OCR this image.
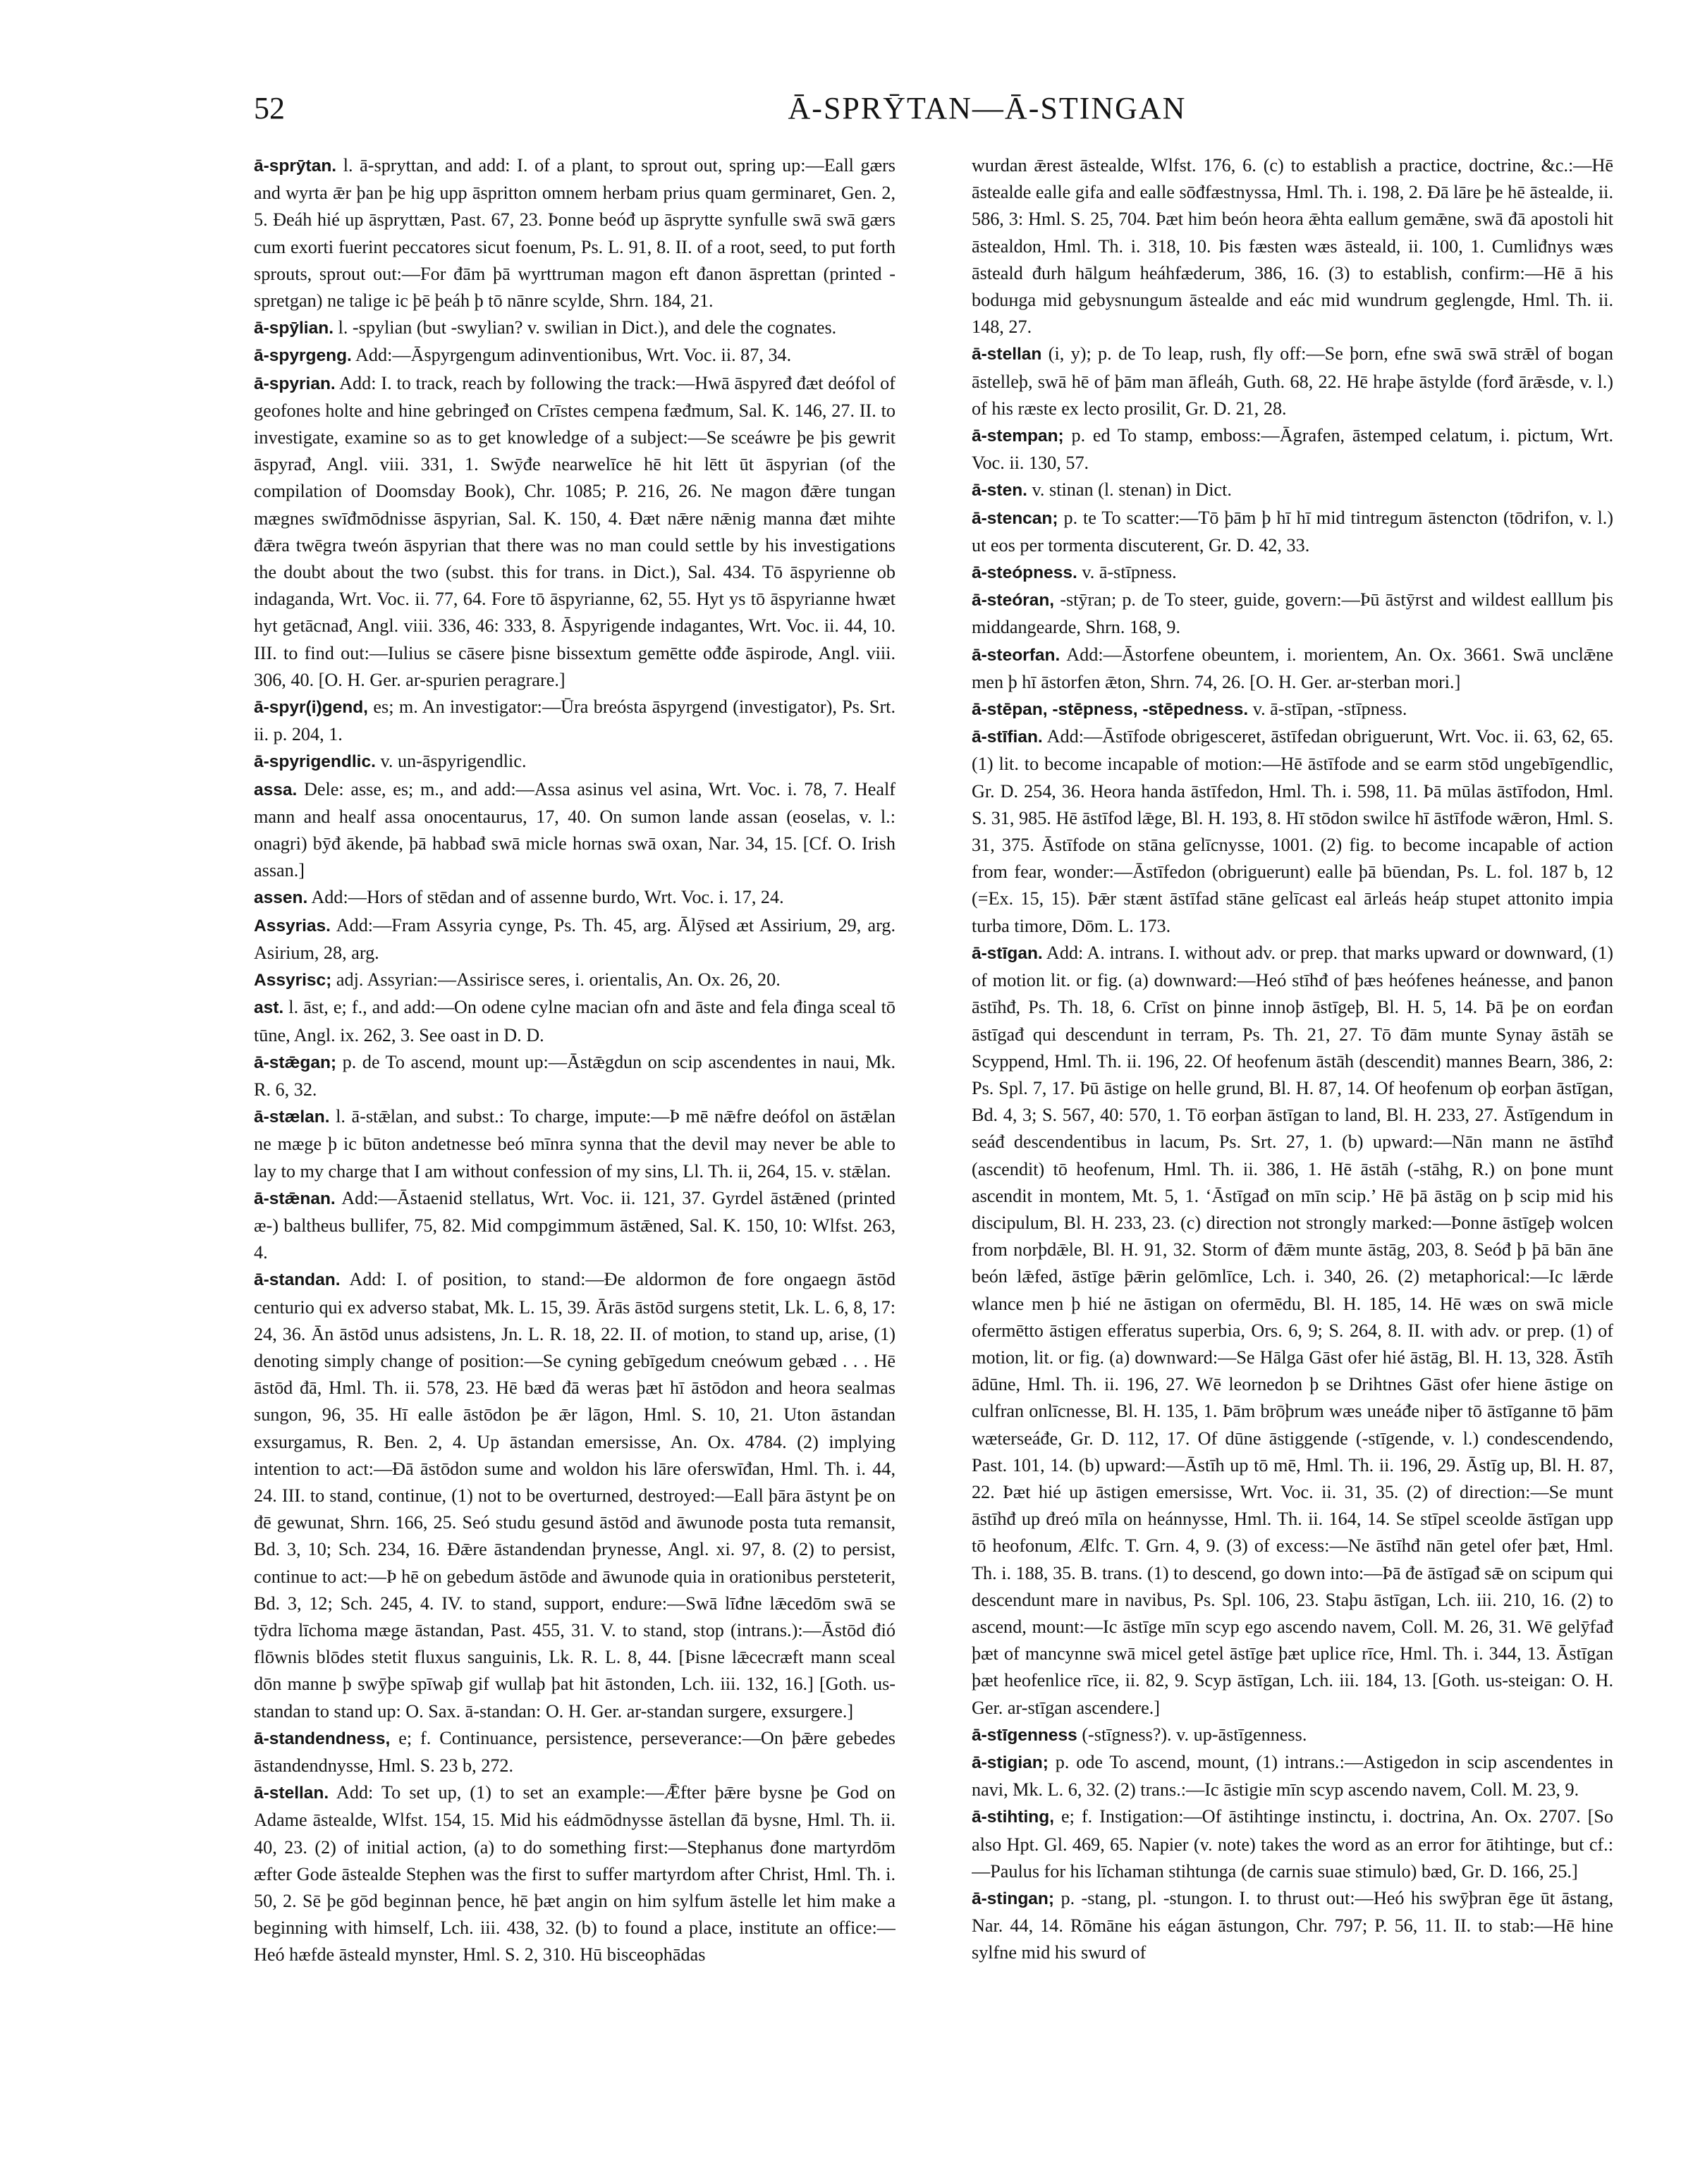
52	Ā-SPRȲTAN—Ā-STINGAN

ā-sprȳtan. l. ā-spryttan, and add: I. of a plant, to sprout out, spring up:—Eall gærs and wyrta ǣr þan þe hig upp āspritton omnem herbam prius quam germinaret, Gen. 2, 5. Ðeáh hié up āspryttæn, Past. 67, 23. Þonne beóđ up āsprytte synfulle swā swā gærs cum exorti fuerint peccatores sicut foenum, Ps. L. 91, 8. II. of a root, seed, to put forth sprouts, sprout out:—For đām þā wyrttruman magon eft đanon āsprettan (printed -spretgan) ne talige ic þē þeáh þ tō nānre scylde, Shrn. 184, 21.

ā-spȳlian. l. -spylian (but -swylian? v. swilian in Dict.), and dele the cognates.

ā-spyrgeng. Add:—Āspyrgengum adinventionibus, Wrt. Voc. ii. 87, 34.

ā-spyrian. Add: I. to track, reach by following the track:—Hwā āspyređ đæt deófol of geofones holte and hine gebringeđ on Crīstes cempena fæđmum, Sal. K. 146, 27. II. to investigate, examine so as to get knowledge of a subject:—Se sceáwre þe þis gewrit āspyrađ, Angl. viii. 331, 1. Swȳđe nearwelīce hē hit lētt ūt āspyrian (of the compilation of Doomsday Book), Chr. 1085; P. 216, 26. Ne magon đǣre tungan mægnes swīđmōdnisse āspyrian, Sal. K. 150, 4. Đæt nǣre nǣnig manna đæt mihte đǣra twēgra tweón āspyrian that there was no man could settle by his investigations the doubt about the two (subst. this for trans. in Dict.), Sal. 434. Tō āspyrienne ob indaganda, Wrt. Voc. ii. 77, 64. Fore tō āspyrianne, 62, 55. Hyt ys tō āspyrianne hwæt hyt getācnađ, Angl. viii. 336, 46: 333, 8. Āspyrigende indagantes, Wrt. Voc. ii. 44, 10. III. to find out:—Iulius se cāsere þisne bissextum gemētte ođđe āspirode, Angl. viii. 306, 40. [O. H. Ger. ar-spurien peragrare.]

ā-spyr(i)gend, es; m. An investigator:—Ūra breósta āspyrgend (investigator), Ps. Srt. ii. p. 204, 1.

ā-spyrigendlic. v. un-āspyrigendlic.

assa. Dele: asse, es; m., and add:—Assa asinus vel asina, Wrt. Voc. i. 78, 7. Healf mann and healf assa onocentaurus, 17, 40. On sumon lande assan (eoselas, v. l.: onagri) bȳđ ākende, þā habbađ swā micle hornas swā oxan, Nar. 34, 15. [Cf. O. Irish assan.]

assen. Add:—Hors of stēdan and of assenne burdo, Wrt. Voc. i. 17, 24.

Assyrias. Add:—Fram Assyria cynge, Ps. Th. 45, arg. Ālȳsed æt Assirium, 29, arg. Asirium, 28, arg.

Assyrisc; adj. Assyrian:—Assirisce seres, i. orientalis, An. Ox. 26, 20.

ast. l. āst, e; f., and add:—On odene cylne macian ofn and āste and fela đinga sceal tō tūne, Angl. ix. 262, 3. See oast in D. D.

ā-stǣgan; p. de To ascend, mount up:—Āstǣgdun on scip ascendentes in naui, Mk. R. 6, 32.

ā-stælan. l. ā-stǣlan, and subst.: To charge, impute:—Þ mē nǣfre deófol on āstǣlan ne mæge þ ic būton andetnesse beó mīnra synna that the devil may never be able to lay to my charge that I am without confession of my sins, Ll. Th. ii, 264, 15. v. stǣlan.

ā-stǣnan. Add:—Āstaenid stellatus, Wrt. Voc. ii. 121, 37. Gyrdel āstǣned (printed æ-) baltheus bullifer, 75, 82. Mid compgimmum āstǣned, Sal. K. 150, 10: Wlfst. 263, 4.

ā-standan. Add: I. of position, to stand:—Đe aldormon đe fore ongaegn āstōd centurio qui ex adverso stabat, Mk. L. 15, 39. Ārās āstōd surgens stetit, Lk. L. 6, 8, 17: 24, 36. Ān āstōd unus adsistens, Jn. L. R. 18, 22. II. of motion, to stand up, arise, (1) denoting simply change of position:—Se cyning gebīgedum cneówum gebæd . . . Hē āstōd đā, Hml. Th. ii. 578, 23. Hē bæd đā weras þæt hī āstōdon and heora sealmas sungon, 96, 35. Hī ealle āstōdon þe ǣr lāgon, Hml. S. 10, 21. Uton āstandan exsurgamus, R. Ben. 2, 4. Up āstandan emersisse, An. Ox. 4784. (2) implying intention to act:—Đā āstōdon sume and woldon his lāre oferswīđan, Hml. Th. i. 44, 24. III. to stand, continue, (1) not to be overturned, destroyed:—Eall þāra āstynt þe on đē gewunat, Shrn. 166, 25. Seó studu gesund āstōd and āwunode posta tuta remansit, Bd. 3, 10; Sch. 234, 16. Đǣre āstandendan þrynesse, Angl. xi. 97, 8. (2) to persist, continue to act:—Þ hē on gebedum āstōde and āwunode quia in orationibus persteterit, Bd. 3, 12; Sch. 245, 4. IV. to stand, support, endure:—Swā līđne lǣcedōm swā se tȳdra līchoma mæge āstandan, Past. 455, 31. V. to stand, stop (intrans.):—Āstōd đió flōwnis blōdes stetit fluxus sanguinis, Lk. R. L. 8, 44. [Þisne lǣcecræft mann sceal dōn manne þ swȳþe spīwaþ gif wullaþ þat hit āstonden, Lch. iii. 132, 16.] [Goth. us-standan to stand up: O. Sax. ā-standan: O. H. Ger. ar-standan surgere, exsurgere.]

ā-standendness, e; f. Continuance, persistence, perseverance:—On þǣre gebedes āstandendnysse, Hml. S. 23 b, 272.

ā-stellan. Add: To set up, (1) to set an example:—Ǣfter þǣre bysne þe God on Adame āstealde, Wlfst. 154, 15. Mid his eádmōdnysse āstellan đā bysne, Hml. Th. ii. 40, 23. (2) of initial action, (a) to do something first:—Stephanus đone martyrdōm æfter Gode āstealde Stephen was the first to suffer martyrdom after Christ, Hml. Th. i. 50, 2. Sē þe gōd beginnan þence, hē þæt angin on him sylfum āstelle let him make a beginning with himself, Lch. iii. 438, 32. (b) to found a place, institute an office:—Heó hæfde āsteald mynster, Hml. S. 2, 310. Hū bisceophādas

wurdan ǣrest āstealde, Wlfst. 176, 6. (c) to establish a practice, doctrine, &c.:—Hē āstealde ealle gifa and ealle sōđfæstnyssa, Hml. Th. i. 198, 2. Đā lāre þe hē āstealde, ii. 586, 3: Hml. S. 25, 704. Þæt him beón heora ǣhta eallum gemǣne, swā đā apostoli hit āstealdon, Hml. Th. i. 318, 10. Þis fæsten wæs āsteald, ii. 100, 1. Cumliđnys wæs āsteald đurh hālgum heáhfæderum, 386, 16. (3) to establish, confirm:—Hē ā his boduнga mid gebysnungum āstealde and eác mid wundrum geglengde, Hml. Th. ii. 148, 27.

ā-stellan (i, y); p. de To leap, rush, fly off:—Se þorn, efne swā swā strǣl of bogan āstelleþ, swā hē of þām man āfleáh, Guth. 68, 22. Hē hraþe āstylde (forđ ārǣsde, v. l.) of his ræste ex lecto prosilit, Gr. D. 21, 28.

ā-stempan; p. ed To stamp, emboss:—Āgrafen, āstemped celatum, i. pictum, Wrt. Voc. ii. 130, 57.

ā-sten. v. stinan (l. stenan) in Dict.

ā-stencan; p. te To scatter:—Tō þām þ hī hī mid tintregum āstencton (tōdrifon, v. l.) ut eos per tormenta discuterent, Gr. D. 42, 33.

ā-steópness. v. ā-stīpness.

ā-steóran, -stȳran; p. de To steer, guide, govern:—Þū āstȳrst and wildest ealllum þis middangearde, Shrn. 168, 9.

ā-steorfan. Add:—Āstorfene obeuntem, i. morientem, An. Ox. 3661. Swā unclǣne men þ hī āstorfen ǣton, Shrn. 74, 26. [O. H. Ger. ar-sterban mori.]

ā-stēpan, -stēpness, -stēpedness. v. ā-stīpan, -stīpness.

ā-stīfian. Add:—Āstīfode obrigesceret, āstīfedan obriguerunt, Wrt. Voc. ii. 63, 62, 65. (1) lit. to become incapable of motion:—Hē āstīfode and se earm stōd ungebīgendlic, Gr. D. 254, 36. Heora handa āstīfedon, Hml. Th. i. 598, 11. Þā mūlas āstīfodon, Hml. S. 31, 985. Hē āstīfod lǣge, Bl. H. 193, 8. Hī stōdon swilce hī āstīfode wǣron, Hml. S. 31, 375. Āstīfode on stāna gelīcnysse, 1001. (2) fig. to become incapable of action from fear, wonder:—Āstīfedon (obriguerunt) ealle þā būendan, Ps. L. fol. 187 b, 12 (=Ex. 15, 15). Þǣr stænt āstīfad stāne gelīcast eal ārleás heáp stupet attonito impia turba timore, Dōm. L. 173.

ā-stīgan. Add: A. intrans. I. without adv. or prep. that marks upward or downward, (1) of motion lit. or fig. (a) downward:—Heó stīhđ of þæs heófenes heánesse, and þanon āstīhđ, Ps. Th. 18, 6. Crīst on þinne innoþ āstīgeþ, Bl. H. 5, 14. Þā þe on eorđan āstīgađ qui descendunt in terram, Ps. Th. 21, 27. Tō đām munte Synay āstāh se Scyppend, Hml. Th. ii. 196, 22. Of heofenum āstāh (descendit) mannes Bearn, 386, 2: Ps. Spl. 7, 17. Þū āstige on helle grund, Bl. H. 87, 14. Of heofenum oþ eorþan āstīgan, Bd. 4, 3; S. 567, 40: 570, 1. Tō eorþan āstīgan to land, Bl. H. 233, 27. Āstīgendum in seáđ descendentibus in lacum, Ps. Srt. 27, 1. (b) upward:—Nān mann ne āstīhđ (ascendit) tō heofenum, Hml. Th. ii. 386, 1. Hē āstāh (-stāhg, R.) on þone munt ascendit in montem, Mt. 5, 1. ‘Āstīgađ on mīn scip.’ Hē þā āstāg on þ scip mid his discipulum, Bl. H. 233, 23. (c) direction not strongly marked:—Þonne āstīgeþ wolcen from norþdǣle, Bl. H. 91, 32. Storm of đǣm munte āstāg, 203, 8. Seóđ þ þā bān āne beón lǣfed, āstīge þǣrin gelōmlīce, Lch. i. 340, 26. (2) metaphorical:—Ic lǣrde wlance men þ hié ne āstigan on ofermēdu, Bl. H. 185, 14. Hē wæs on swā micle ofermētto āstigen efferatus superbia, Ors. 6, 9; S. 264, 8. II. with adv. or prep. (1) of motion, lit. or fig. (a) downward:—Se Hālga Gāst ofer hié āstāg, Bl. H. 13, 328. Āstīh ādūne, Hml. Th. ii. 196, 27. Wē leornedon þ se Drihtnes Gāst ofer hiene āstige on culfran onlīcnesse, Bl. H. 135, 1. Þām brōþrum wæs uneáđe niþer tō āstīganne tō þām wæterseáđe, Gr. D. 112, 17. Of dūne āstiggende (-stīgende, v. l.) condescendendo, Past. 101, 14. (b) upward:—Āstīh up tō mē, Hml. Th. ii. 196, 29. Āstīg up, Bl. H. 87, 22. Þæt hié up āstigen emersisse, Wrt. Voc. ii. 31, 35. (2) of direction:—Se munt āstīhđ up đreó mīla on heánnysse, Hml. Th. ii. 164, 14. Se stīpel sceolde āstīgan upp tō heofonum, Ælfc. T. Grn. 4, 9. (3) of excess:—Ne āstīhđ nān getel ofer þæt, Hml. Th. i. 188, 35. B. trans. (1) to descend, go down into:—Þā đe āstīgađ sǣ on scipum qui descendunt mare in navibus, Ps. Spl. 106, 23. Staþu āstīgan, Lch. iii. 210, 16. (2) to ascend, mount:—Ic āstīge mīn scyp ego ascendo navem, Coll. M. 26, 31. Wē gelȳfađ þæt of mancynne swā micel getel āstīge þæt uplice rīce, Hml. Th. i. 344, 13. Āstīgan þæt heofenlice rīce, ii. 82, 9. Scyp āstīgan, Lch. iii. 184, 13. [Goth. us-steigan: O. H. Ger. ar-stīgan ascendere.]

ā-stīgenness (-stīgness?). v. up-āstīgenness.

ā-stigian; p. ode To ascend, mount, (1) intrans.:—Astigedon in scip ascendentes in navi, Mk. L. 6, 32. (2) trans.:—Ic āstigie mīn scyp ascendo navem, Coll. M. 23, 9.

ā-stihting, e; f. Instigation:—Of āstihtinge instinctu, i. doctrina, An. Ox. 2707. [So also Hpt. Gl. 469, 65. Napier (v. note) takes the word as an error for ātihtinge, but cf.:—Paulus for his līchaman stihtunga (de carnis suae stimulo) bæd, Gr. D. 166, 25.]

ā-stingan; p. -stang, pl. -stungon. I. to thrust out:—Heó his swȳþran ēge ūt āstang, Nar. 44, 14. Rōmāne his eágan āstungon, Chr. 797; P. 56, 11. II. to stab:—Hē hine sylfne mid his swurd of
